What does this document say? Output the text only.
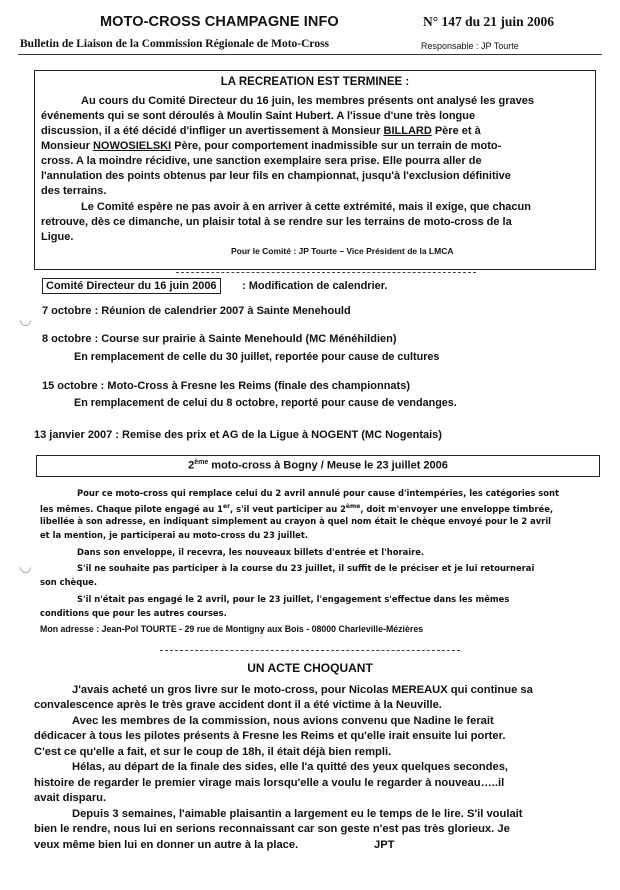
MOTO-CROSS CHAMPAGNE INFO	N° 147 du 21 juin 2006
Bulletin de Liaison de la Commission Régionale de Moto-Cross	Responsable : JP Tourte
LA RECREATION EST TERMINEE :
Au cours du Comité Directeur du 16 juin, les membres présents ont analysé les graves
événements qui se sont déroulés à Moulin Saint Hubert. A l'issue d'une très longue
discussion, il a été décidé d'infliger un avertissement à Monsieur BILLARD Père et à
Monsieur NOWOSIELSKI Père, pour comportement inadmissible sur un terrain de moto-
cross. A la moindre récidive, une sanction exemplaire sera prise. Elle pourra aller de
l'annulation des points obtenus par leur fils en championnat, jusqu'à l'exclusion définitive
des terrains.
Le Comité espère ne pas avoir à en arriver à cette extrémité, mais il exige, que chacun
retrouve, dès ce dimanche, un plaisir total à se rendre sur les terrains de moto-cross de la
Ligue.
Pour le Comité : JP Tourte – Vice Président de la LMCA
Comité Directeur du 16 juin 2006	: Modification de calendrier.
7 octobre : Réunion de calendrier 2007 à Sainte Menehould
8 octobre : Course sur prairie à Sainte Menehould (MC Ménéhildien)
En remplacement de celle du 30 juillet, reportée pour cause de cultures
15 octobre : Moto-Cross à Fresne les Reims (finale des championnats)
En remplacement de celui du 8 octobre, reporté pour cause de vendanges.
13 janvier 2007 : Remise des prix et AG de la Ligue à NOGENT (MC Nogentais)
2ème moto-cross à Bogny / Meuse le 23 juillet 2006
Pour ce moto-cross qui remplace celui du 2 avril annulé pour cause d'intempéries, les catégories sont
les mêmes. Chaque pilote engagé au 1er, s'il veut participer au 2ème, doit m'envoyer une enveloppe timbrée,
libellée à son adresse, en indiquant simplement au crayon à quel nom était le chèque envoyé pour le 2 avril
et la mention, je participerai au moto-cross du 23 juillet.
Dans son enveloppe, il recevra, les nouveaux billets d'entrée et l'horaire.
S'il ne souhaite pas participer à la course du 23 juillet, il suffit de le préciser et je lui retournerai
son chèque.
S'il n'était pas engagé le 2 avril, pour le 23 juillet, l'engagement s'effectue dans les mêmes
conditions que pour les autres courses.
Mon adresse : Jean-Pol TOURTE - 29 rue de Montigny aux Bois - 08000 Charleville-Mézières
UN ACTE CHOQUANT
J'avais acheté un gros livre sur le moto-cross, pour Nicolas MEREAUX qui continue sa
convalescence après le très grave accident dont il a été victime à la Neuville.
Avec les membres de la commission, nous avions convenu que Nadine le ferait
dédicacer à tous les pilotes présents à Fresne les Reims et qu'elle irait ensuite lui porter.
C'est ce qu'elle a fait, et sur le coup de 18h, il était déjà bien rempli.
Hélas, au départ de la finale des sides, elle l'a quitté des yeux quelques secondes,
histoire de regarder le premier virage mais lorsqu'elle a voulu le regarder à nouveau…..il
avait disparu.
Depuis 3 semaines, l'aimable plaisantin a largement eu le temps de le lire. S'il voulait
bien le rendre, nous lui en serions reconnaissant car son geste n'est pas très glorieux. Je
veux même bien lui en donner un autre à la place.	JPT
